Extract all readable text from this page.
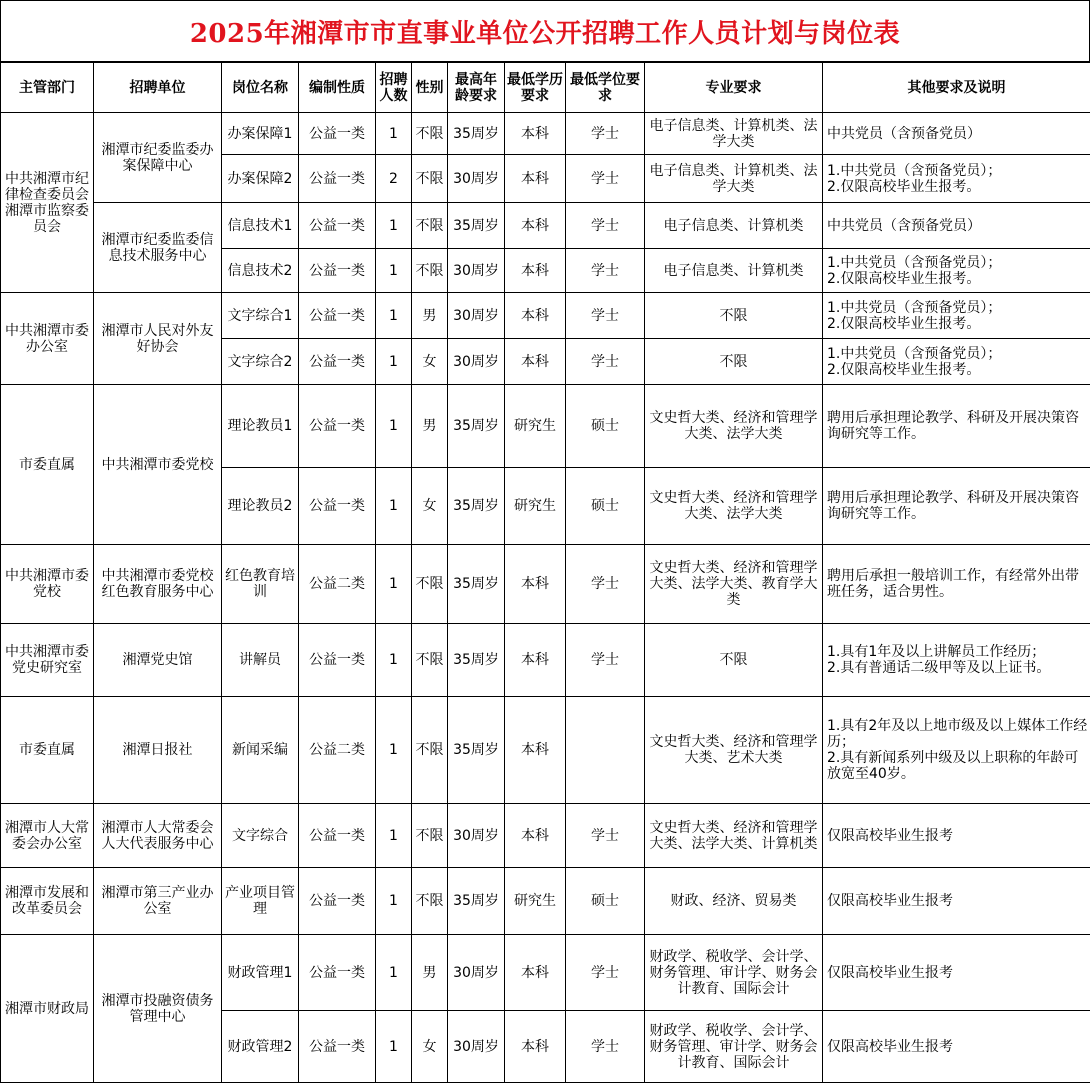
2025年湘潭市市直事业单位公开招聘工作人员计划与岗位表
主管部门	招聘单位	岗位名称	编制性质	招聘人数	性别	最高年龄要求	最低学历要求	最低学位要求	专业要求	其他要求及说明
中共湘潭市纪律检查委员会湘潭市监察委员会	湘潭市纪委监委办案保障中心	办案保障1	公益一类	1	不限	35周岁	本科	学士	电子信息类、计算机类、法学大类	中共党员（含预备党员）
		办案保障2	公益一类	2	不限	30周岁	本科	学士	电子信息类、计算机类、法学大类	1.中共党员（含预备党员）；
2.仅限高校毕业生报考。
	湘潭市纪委监委信息技术服务中心	信息技术1	公益一类	1	不限	35周岁	本科	学士	电子信息类、计算机类	中共党员（含预备党员）
		信息技术2	公益一类	1	不限	30周岁	本科	学士	电子信息类、计算机类	1.中共党员（含预备党员）；
2.仅限高校毕业生报考。
中共湘潭市委办公室	湘潭市人民对外友好协会	文字综合1	公益一类	1	男	30周岁	本科	学士	不限	1.中共党员（含预备党员）；
2.仅限高校毕业生报考。
		文字综合2	公益一类	1	女	30周岁	本科	学士	不限	1.中共党员（含预备党员）；
2.仅限高校毕业生报考。
市委直属	中共湘潭市委党校	理论教员1	公益一类	1	男	35周岁	研究生	硕士	文史哲大类、经济和管理学大类、法学大类	聘用后承担理论教学、科研及开展决策咨询研究等工作。
		理论教员2	公益一类	1	女	35周岁	研究生	硕士	文史哲大类、经济和管理学大类、法学大类	聘用后承担理论教学、科研及开展决策咨询研究等工作。
中共湘潭市委党校	中共湘潭市委党校红色教育服务中心	红色教育培训	公益二类	1	不限	35周岁	本科	学士	文史哲大类、经济和管理学大类、法学大类、教育学大类	聘用后承担一般培训工作，有经常外出带班任务，适合男性。
中共湘潭市委党史研究室	湘潭党史馆	讲解员	公益一类	1	不限	35周岁	本科	学士	不限	1.具有1年及以上讲解员工作经历；
2.具有普通话二级甲等及以上证书。
市委直属	湘潭日报社	新闻采编	公益二类	1	不限	35周岁	本科		文史哲大类、经济和管理学大类、艺术大类	1.具有2年及以上地市级及以上媒体工作经历；
2.具有新闻系列中级及以上职称的年龄可放宽至40岁。
湘潭市人大常委会办公室	湘潭市人大常委会人大代表服务中心	文字综合	公益一类	1	不限	30周岁	本科	学士	文史哲大类、经济和管理学大类、法学大类、计算机类	仅限高校毕业生报考
湘潭市发展和改革委员会	湘潭市第三产业办公室	产业项目管理	公益一类	1	不限	35周岁	研究生	硕士	财政、经济、贸易类	仅限高校毕业生报考
湘潭市财政局	湘潭市投融资债务管理中心	财政管理1	公益一类	1	男	30周岁	本科	学士	财政学、税收学、会计学、财务管理、审计学、财务会计教育、国际会计	仅限高校毕业生报考
		财政管理2	公益一类	1	女	30周岁	本科	学士	财政学、税收学、会计学、财务管理、审计学、财务会计教育、国际会计	仅限高校毕业生报考
